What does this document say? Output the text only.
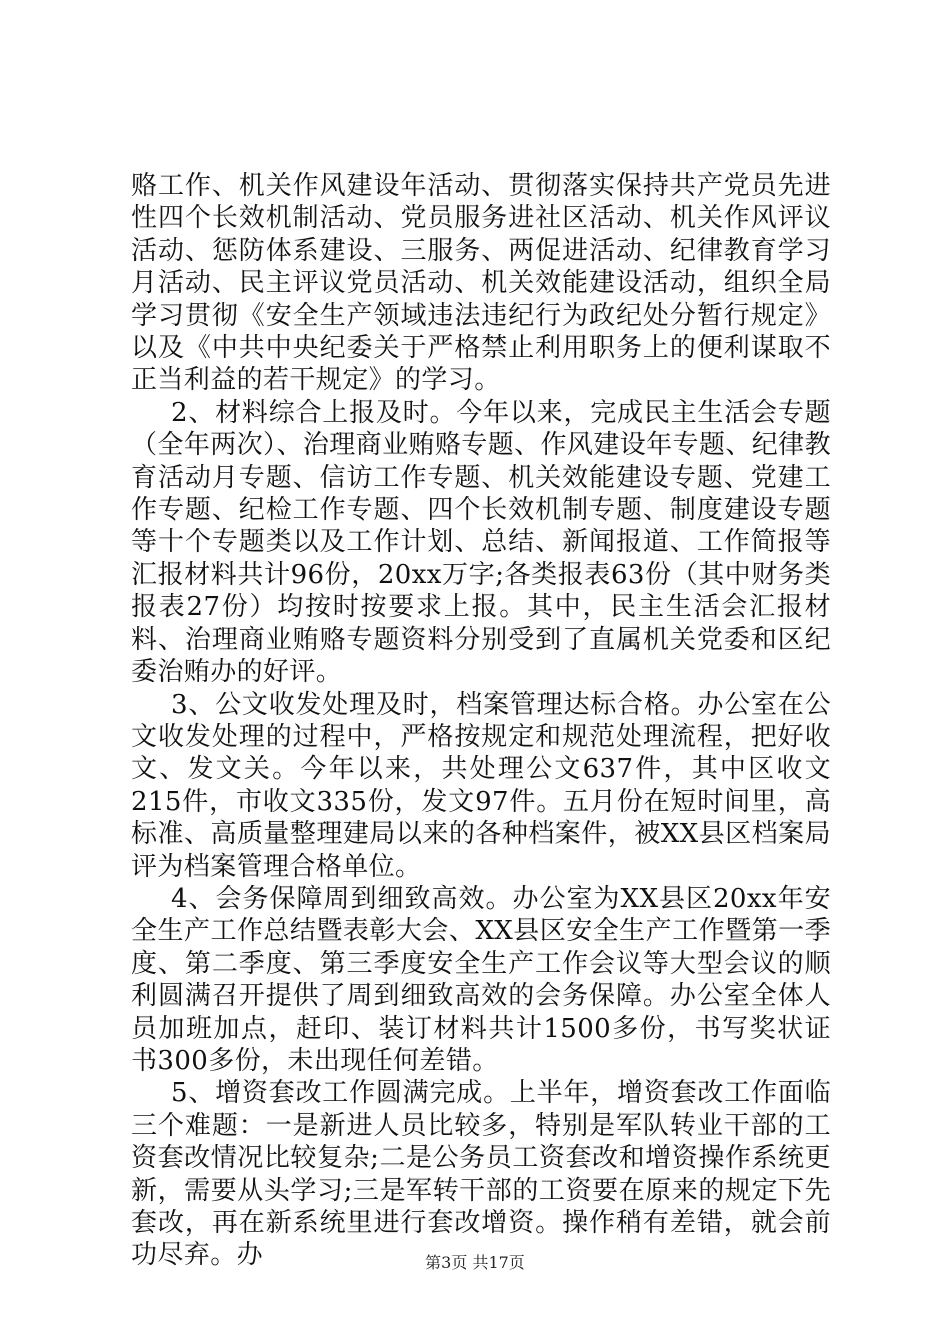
赂工作、机关作风建设年活动、贯彻落实保持共产党员先进性四个长效机制活动、党员服务进社区活动、机关作风评议活动、惩防体系建设、三服务、两促进活动、纪律教育学习月活动、民主评议党员活动、机关效能建设活动，组织全局学习贯彻《安全生产领域违法违纪行为政纪处分暂行规定》以及《中共中央纪委关于严格禁止利用职务上的便利谋取不正当利益的若干规定》的学习。

2、材料综合上报及时。今年以来，完成民主生活会专题（全年两次）、治理商业贿赂专题、作风建设年专题、纪律教育活动月专题、信访工作专题、机关效能建设专题、党建工作专题、纪检工作专题、四个长效机制专题、制度建设专题等十个专题类以及工作计划、总结、新闻报道、工作简报等汇报材料共计96份，20xx万字;各类报表63份（其中财务类报表27份）均按时按要求上报。其中，民主生活会汇报材料、治理商业贿赂专题资料分别受到了直属机关党委和区纪委治贿办的好评。

3、公文收发处理及时，档案管理达标合格。办公室在公文收发处理的过程中，严格按规定和规范处理流程，把好收文、发文关。今年以来，共处理公文637件，其中区收文215件，市收文335份，发文97件。五月份在短时间里，高标准、高质量整理建局以来的各种档案件，被XX县区档案局评为档案管理合格单位。

4、会务保障周到细致高效。办公室为XX县区20xx年安全生产工作总结暨表彰大会、XX县区安全生产工作暨第一季度、第二季度、第三季度安全生产工作会议等大型会议的顺利圆满召开提供了周到细致高效的会务保障。办公室全体人员加班加点，赶印、装订材料共计1500多份，书写奖状证书300多份，未出现任何差错。

5、增资套改工作圆满完成。上半年，增资套改工作面临三个难题：一是新进人员比较多，特别是军队转业干部的工资套改情况比较复杂;二是公务员工资套改和增资操作系统更新，需要从头学习;三是军转干部的工资要在原来的规定下先套改，再在新系统里进行套改增资。操作稍有差错，就会前功尽弃。办	第3页 共17页
